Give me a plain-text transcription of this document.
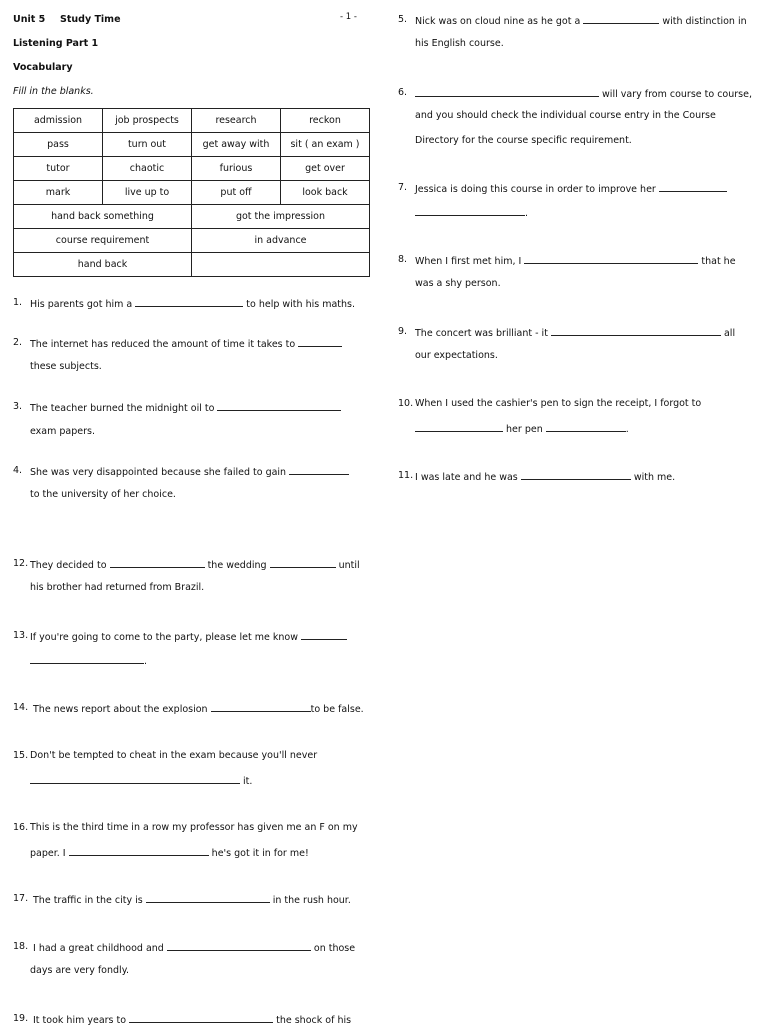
Unit 5 Study Time	- 1 -
Listening Part 1
Vocabulary
Fill in the blanks.
admission	job prospects	research	reckon
pass	turn out	get away with	sit ( an exam )
tutor	chaotic	furious	get over
mark	live up to	put off	look back
hand back something		got the impression	
course requirement		in advance	
hand back			
1. His parents got him a	to help with his maths.
2. The internet has reduced the amount of time it takes to
these subjects.
3. The teacher burned the midnight oil to
exam papers.
4. She was very disappointed because she failed to gain
to the university of her choice.
12. They decided to	the wedding	until
his brother had returned from Brazil.
13. If you're going to come to the party, please let me know
.
14. The news report about the explosion	to be false.
15. Don't be tempted to cheat in the exam because you'll never
it.
16. This is the third time in a row my professor has given me an F on my
paper. I	he's got it in for me!
17. The traffic in the city is	in the rush hour.
18. I had a great childhood and	on those
days are very fondly.
19. It took him years to	the shock of his
5. Nick was on cloud nine as he got a	with distinction in
his English course.
6.	will vary from course to course,
and you should check the individual course entry in the Course
Directory for the course specific requirement.
7. Jessica is doing this course in order to improve her
.
8. When I first met him, I	that he
was a shy person.
9. The concert was brilliant - it	all
our expectations.
10. When I used the cashier's pen to sign the receipt, I forgot to
her pen	.
11. I was late and he was	with me.
